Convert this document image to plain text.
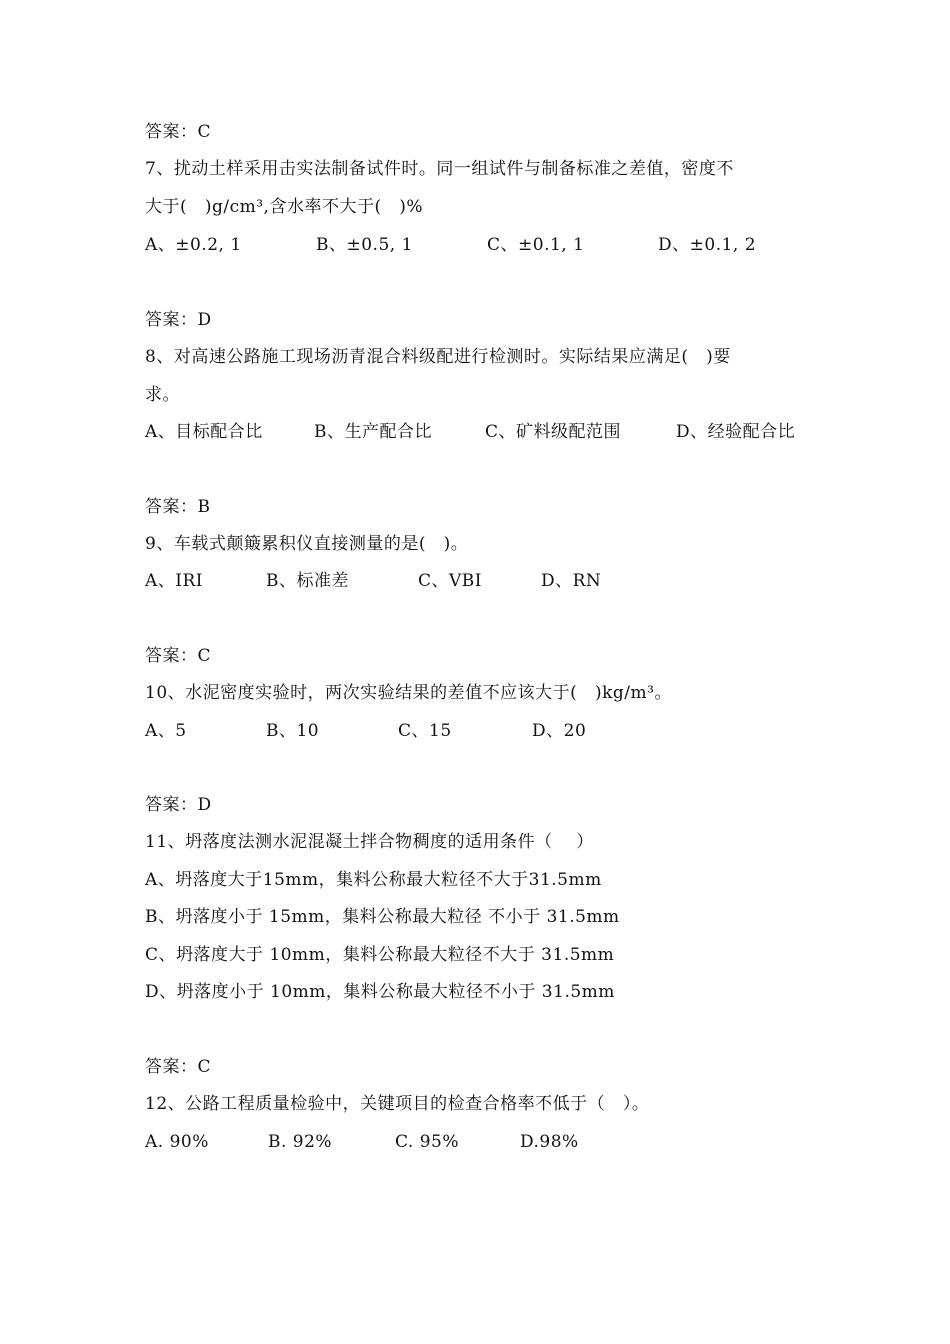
答案：C
7、扰动土样采用击实法制备试件时。同一组试件与制备标准之差值，密度不
大于(   )g/cm³,含水率不大于(   )%
A、±0.2, 1	B、±0.5, 1	C、±0.1, 1	D、±0.1, 2
答案：D
8、对高速公路施工现场沥青混合料级配进行检测时。实际结果应满足(   )要
求。
A、目标配合比	B、生产配合比	C、矿料级配范围	D、经验配合比
答案：B
9、车载式颠簸累积仪直接测量的是(   )。
A、IRI	B、标准差	C、VBI	D、RN
答案：C
10、水泥密度实验时，两次实验结果的差值不应该大于(   )kg/m³。
A、5	B、10	C、15	D、20
答案：D
11、坍落度法测水泥混凝土拌合物稠度的适用条件（    ）
A、坍落度大于15mm，集料公称最大粒径不大于31.5mm
B、坍落度小于 15mm，集料公称最大粒径 不小于 31.5mm
C、坍落度大于 10mm，集料公称最大粒径不大于 31.5mm
D、坍落度小于 10mm，集料公称最大粒径不小于 31.5mm
答案：C
12、公路工程质量检验中，关键项目的检查合格率不低于（   ）。
A. 90%	B. 92%	C. 95%	D.98%
